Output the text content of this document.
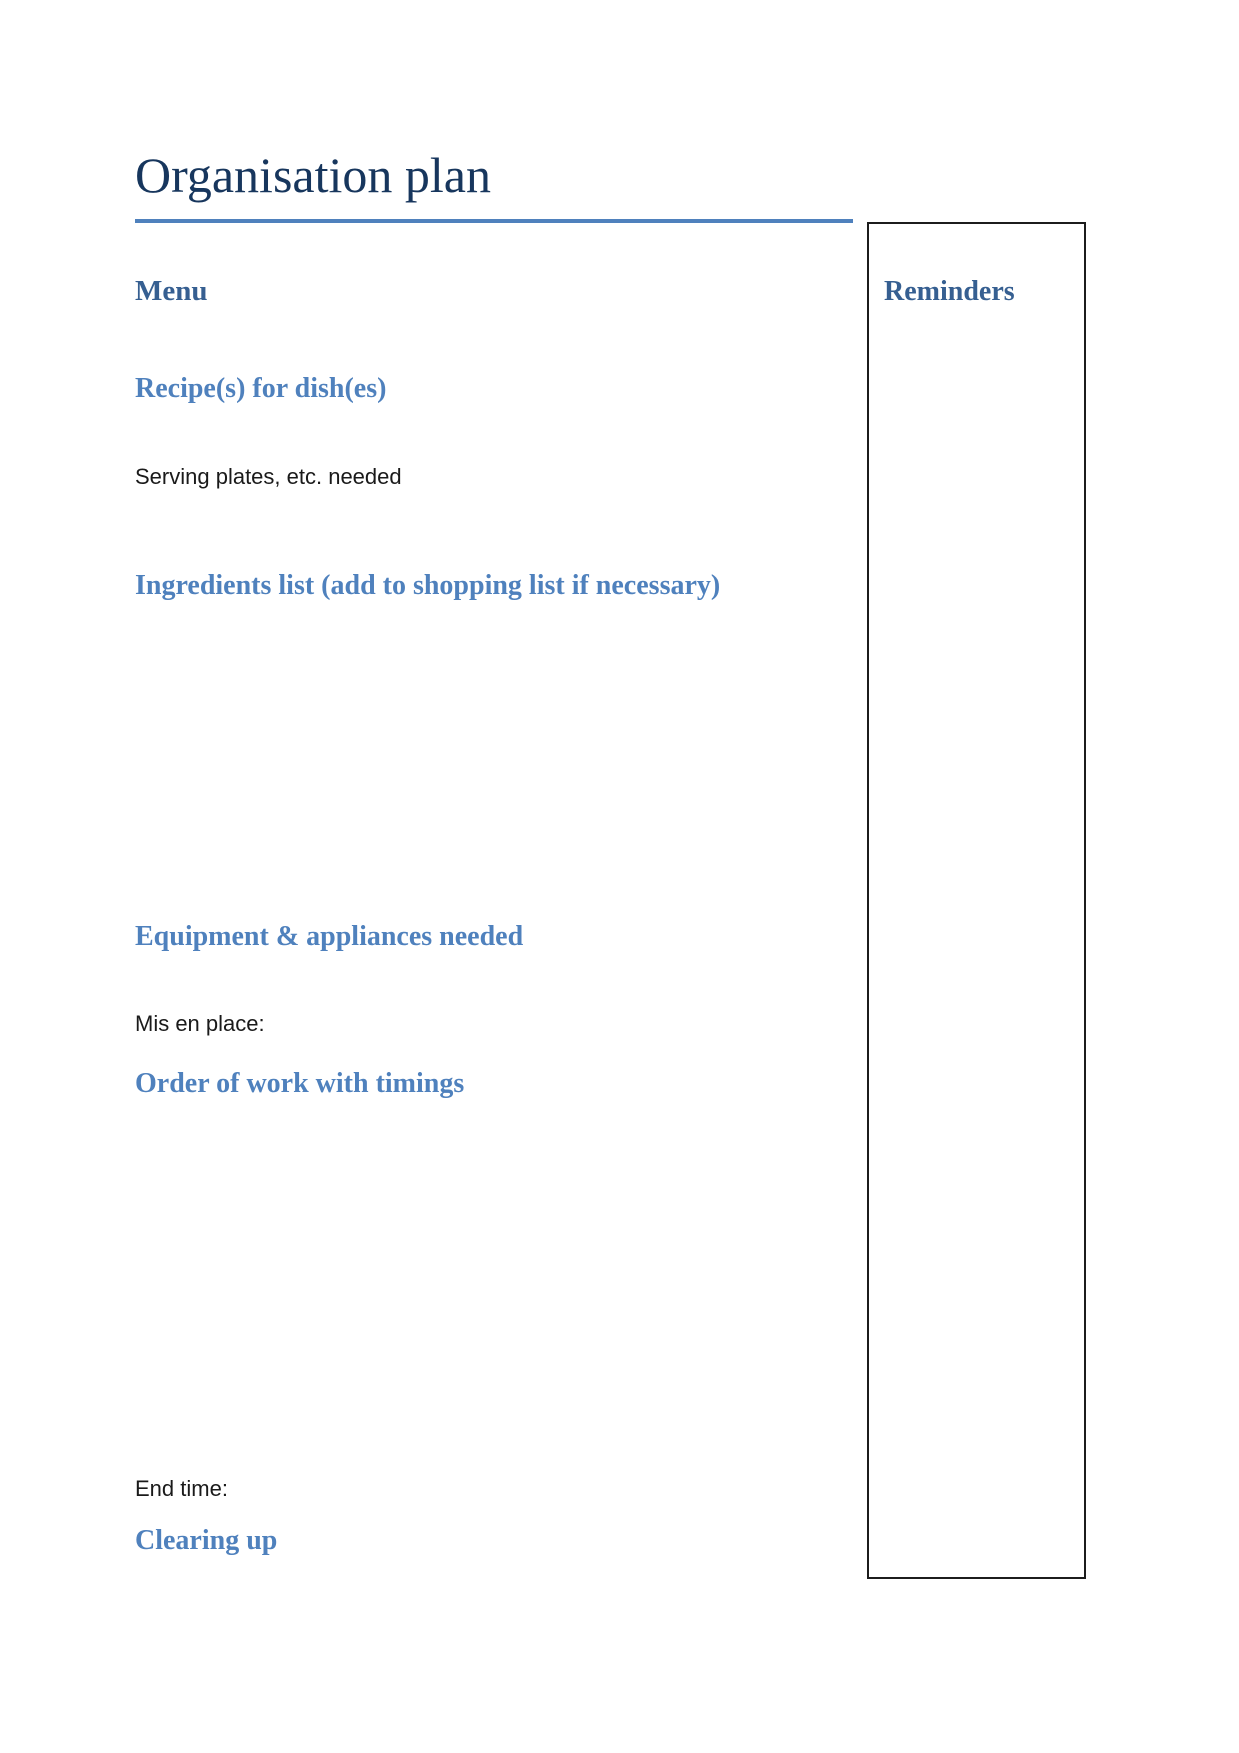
Organisation plan
Menu
Recipe(s) for dish(es)
Serving plates, etc. needed
Ingredients list (add to shopping list if necessary)
Equipment & appliances needed
Mis en place:
Order of work with timings
End time:
Clearing up
Reminders
